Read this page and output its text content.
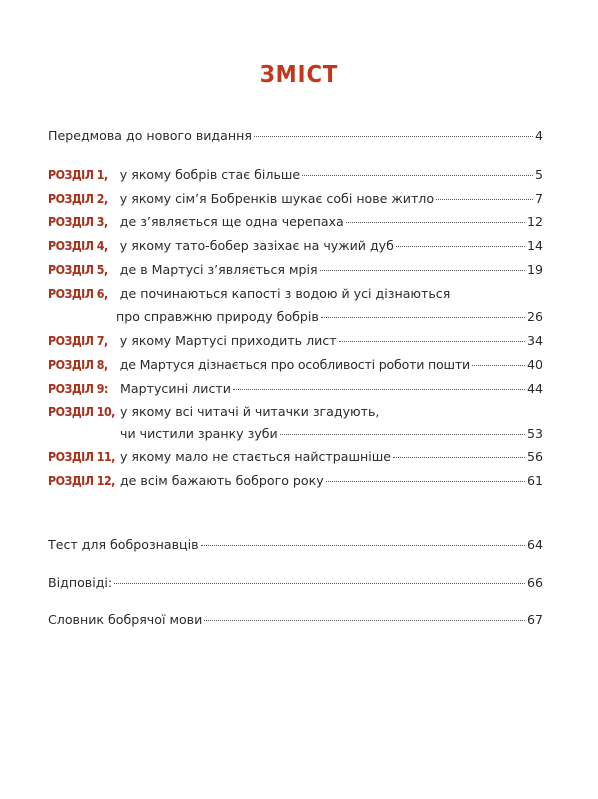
ЗМІСТ
Передмова до нового видання	4
РОЗДІЛ 1, у якому бобрів стає більше	5
РОЗДІЛ 2, у якому сім’я Бобренків шукає собі нове житло	7
РОЗДІЛ 3, де з’являється ще одна черепаха	12
РОЗДІЛ 4, у якому тато-бобер зазіхає на чужий дуб	14
РОЗДІЛ 5, де в Мартусі з’являється мрія	19
РОЗДІЛ 6, де починаються капості з водою й усі дізнаються
про справжню природу бобрів	26
РОЗДІЛ 7, у якому Мартусі приходить лист	34
РОЗДІЛ 8, де Мартуся дізнається про особливості роботи пошти	40
РОЗДІЛ 9: Мартусині листи	44
РОЗДІЛ 10, у якому всі читачі й читачки згадують,
чи чистили зранку зуби	53
РОЗДІЛ 11, у якому мало не стається найстрашніше	56
РОЗДІЛ 12, де всім бажають боброго року	61
Тест для бобрознавців	64
Відповіді:	66
Словник бобрячої мови	67
